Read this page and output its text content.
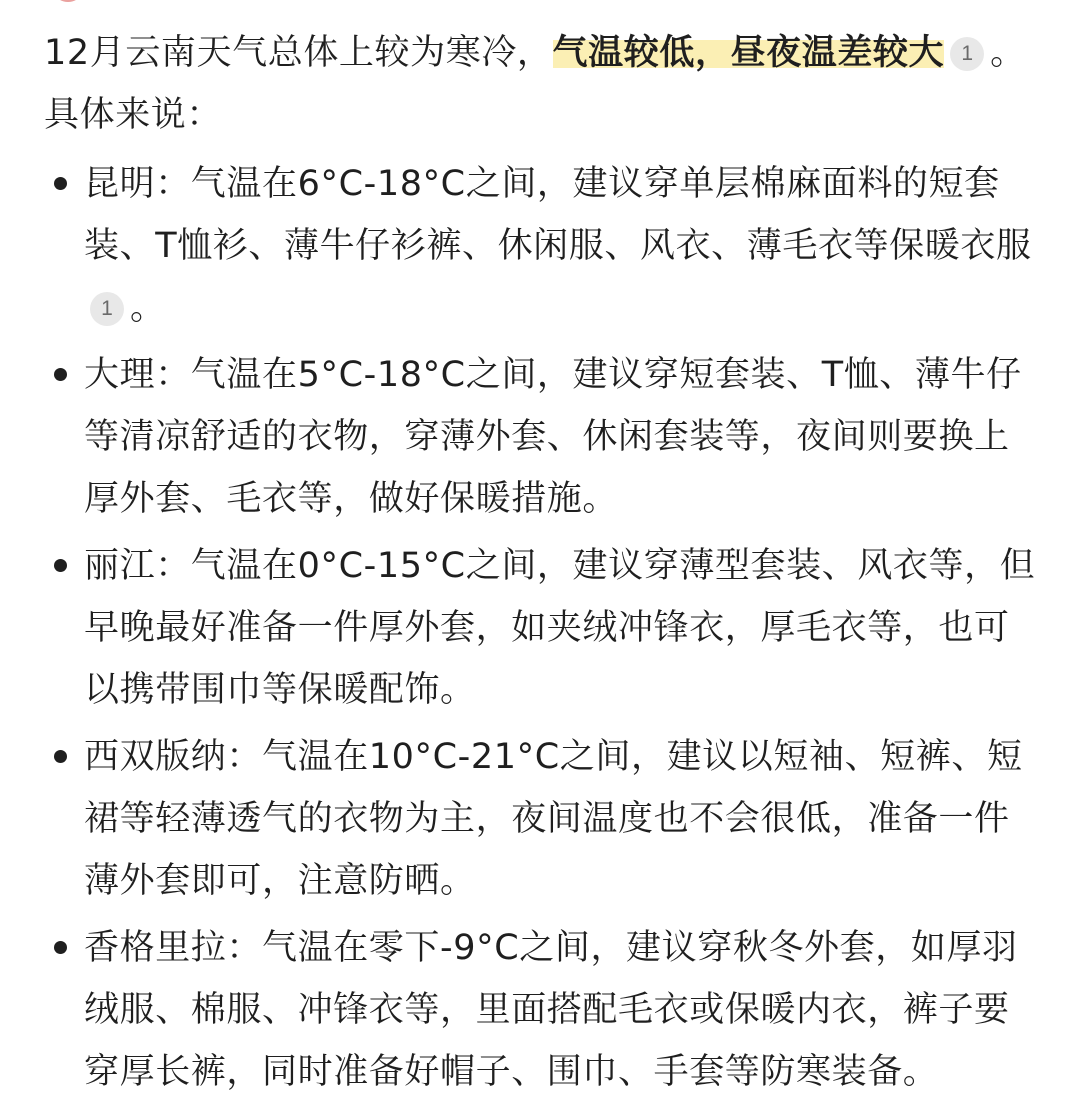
12月云南天气总体上较为寒冷，气温较低，昼夜温差较大 1 。具体来说：

昆明：气温在6°C-18°C之间，建议穿单层棉麻面料的短套装、T恤衫、薄牛仔衫裤、休闲服、风衣、薄毛衣等保暖衣服1 。
大理：气温在5°C-18°C之间，建议穿短套装、T恤、薄牛仔等清凉舒适的衣物，穿薄外套、休闲套装等，夜间则要换上厚外套、毛衣等，做好保暖措施。
丽江：气温在0°C-15°C之间，建议穿薄型套装、风衣等，但早晚最好准备一件厚外套，如夹绒冲锋衣，厚毛衣等，也可以携带围巾等保暖配饰。
西双版纳：气温在10°C-21°C之间，建议以短袖、短裤、短裙等轻薄透气的衣物为主，夜间温度也不会很低，准备一件薄外套即可，注意防晒。
香格里拉：气温在零下-9°C之间，建议穿秋冬外套，如厚羽绒服、棉服、冲锋衣等，里面搭配毛衣或保暖内衣，裤子要穿厚长裤，同时准备好帽子、围巾、手套等防寒装备。
